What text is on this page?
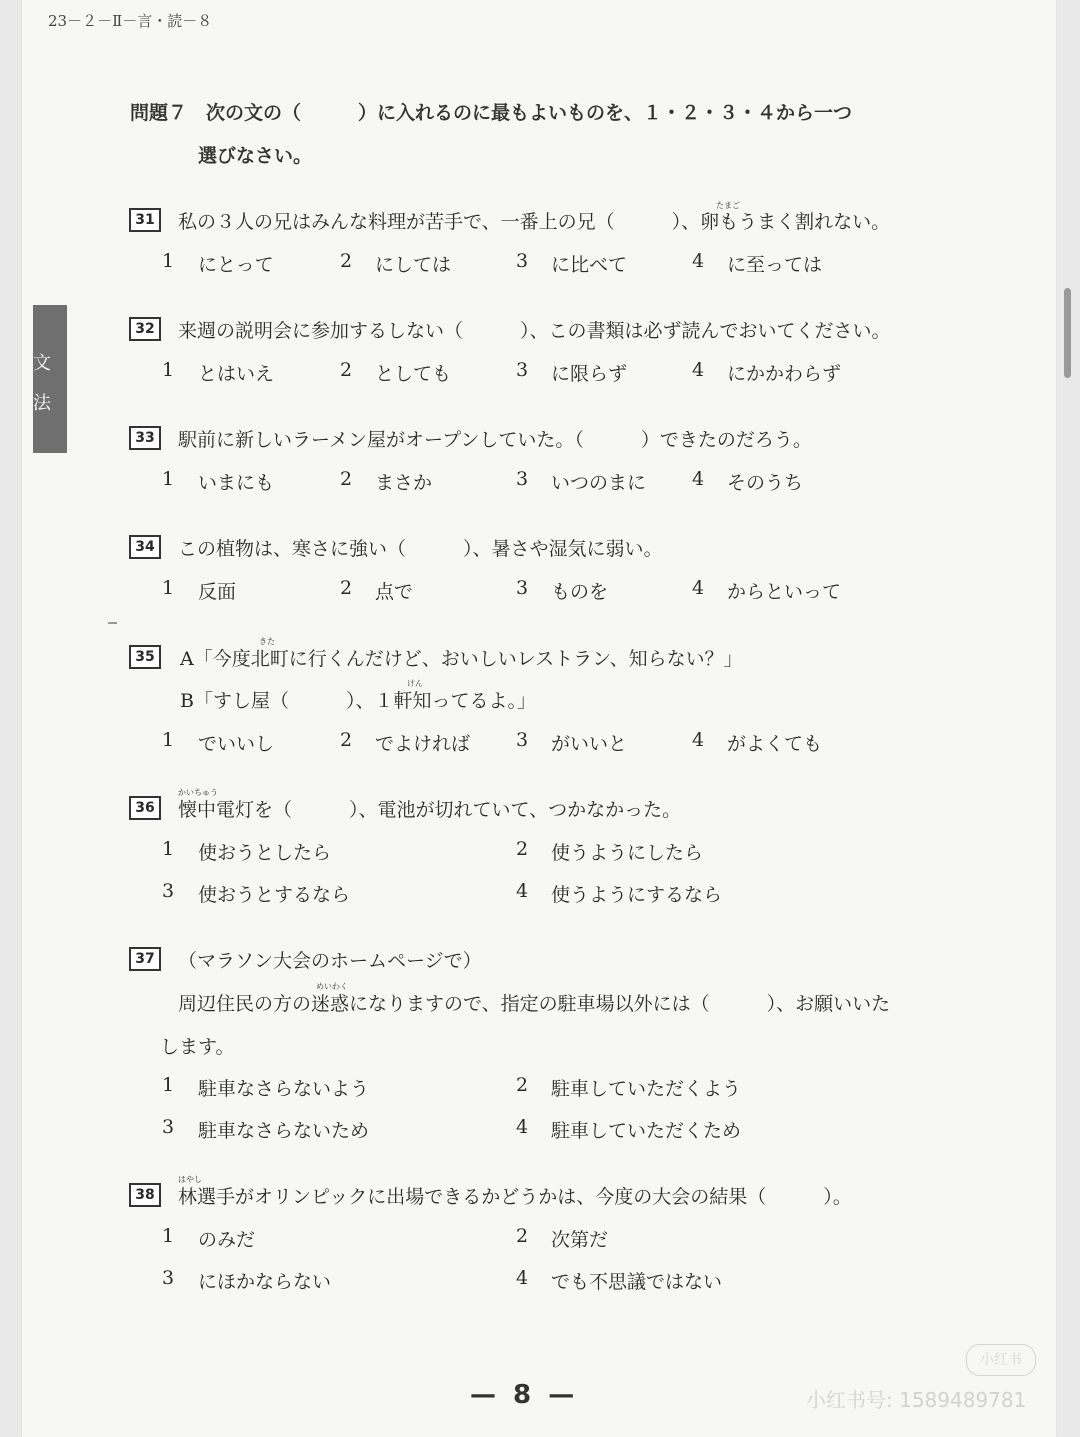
23－２－Ⅱ－言・読－８
文
法
問題７　次の文の（　　　）に入れるのに最もよいものを、１・２・３・４から一つ
選びなさい。
31
たまご
私の３人の兄はみんな料理が苦手で、一番上の兄（　　　）、卵もうまく割れない。
1 にとって	2 にしては	3 に比べて	4 に至っては
32	来週の説明会に参加するしない（　　　）、この書類は必ず読んでおいてください。
1 とはいえ	2 としても	3 に限らず	4 にかかわらず
33	駅前に新しいラーメン屋がオープンしていた。（　　　）できたのだろう。
1 いまにも	2 まさか	3 いつのまに 4 そのうち
34	この植物は、寒さに強い（　　　）、暑さや湿気に弱い。
1 反面	2 点で	3 ものを	4 からといって
35
きた
A「今度北町に行くんだけど、おいしいレストラン、知らない？」
けん
B「すし屋（　　　）、１軒知ってるよ。」
1 でいいし	2 でよければ 3 がいいと	4 がよくても
36
かいちゅう
懐中電灯を（　　　）、電池が切れていて、つかなかった。
1 使おうとしたら	2 使うようにしたら
3 使おうとするなら	4 使うようにするなら
37	（マラソン大会のホームページで）
めいわく
周辺住民の方の迷惑になりますので、指定の駐車場以外には（　　　）、お願いいた
します。
1 駐車なさらないよう	2 駐車していただくよう
3 駐車なさらないため	4 駐車していただくため
38
はやし
林選手がオリンピックに出場できるかどうかは、今度の大会の結果（　　　）。
1 のみだ	2 次第だ
3 にほかならない	4 でも不思議ではない
— 8 —
小红书
小红书号: 1589489781
